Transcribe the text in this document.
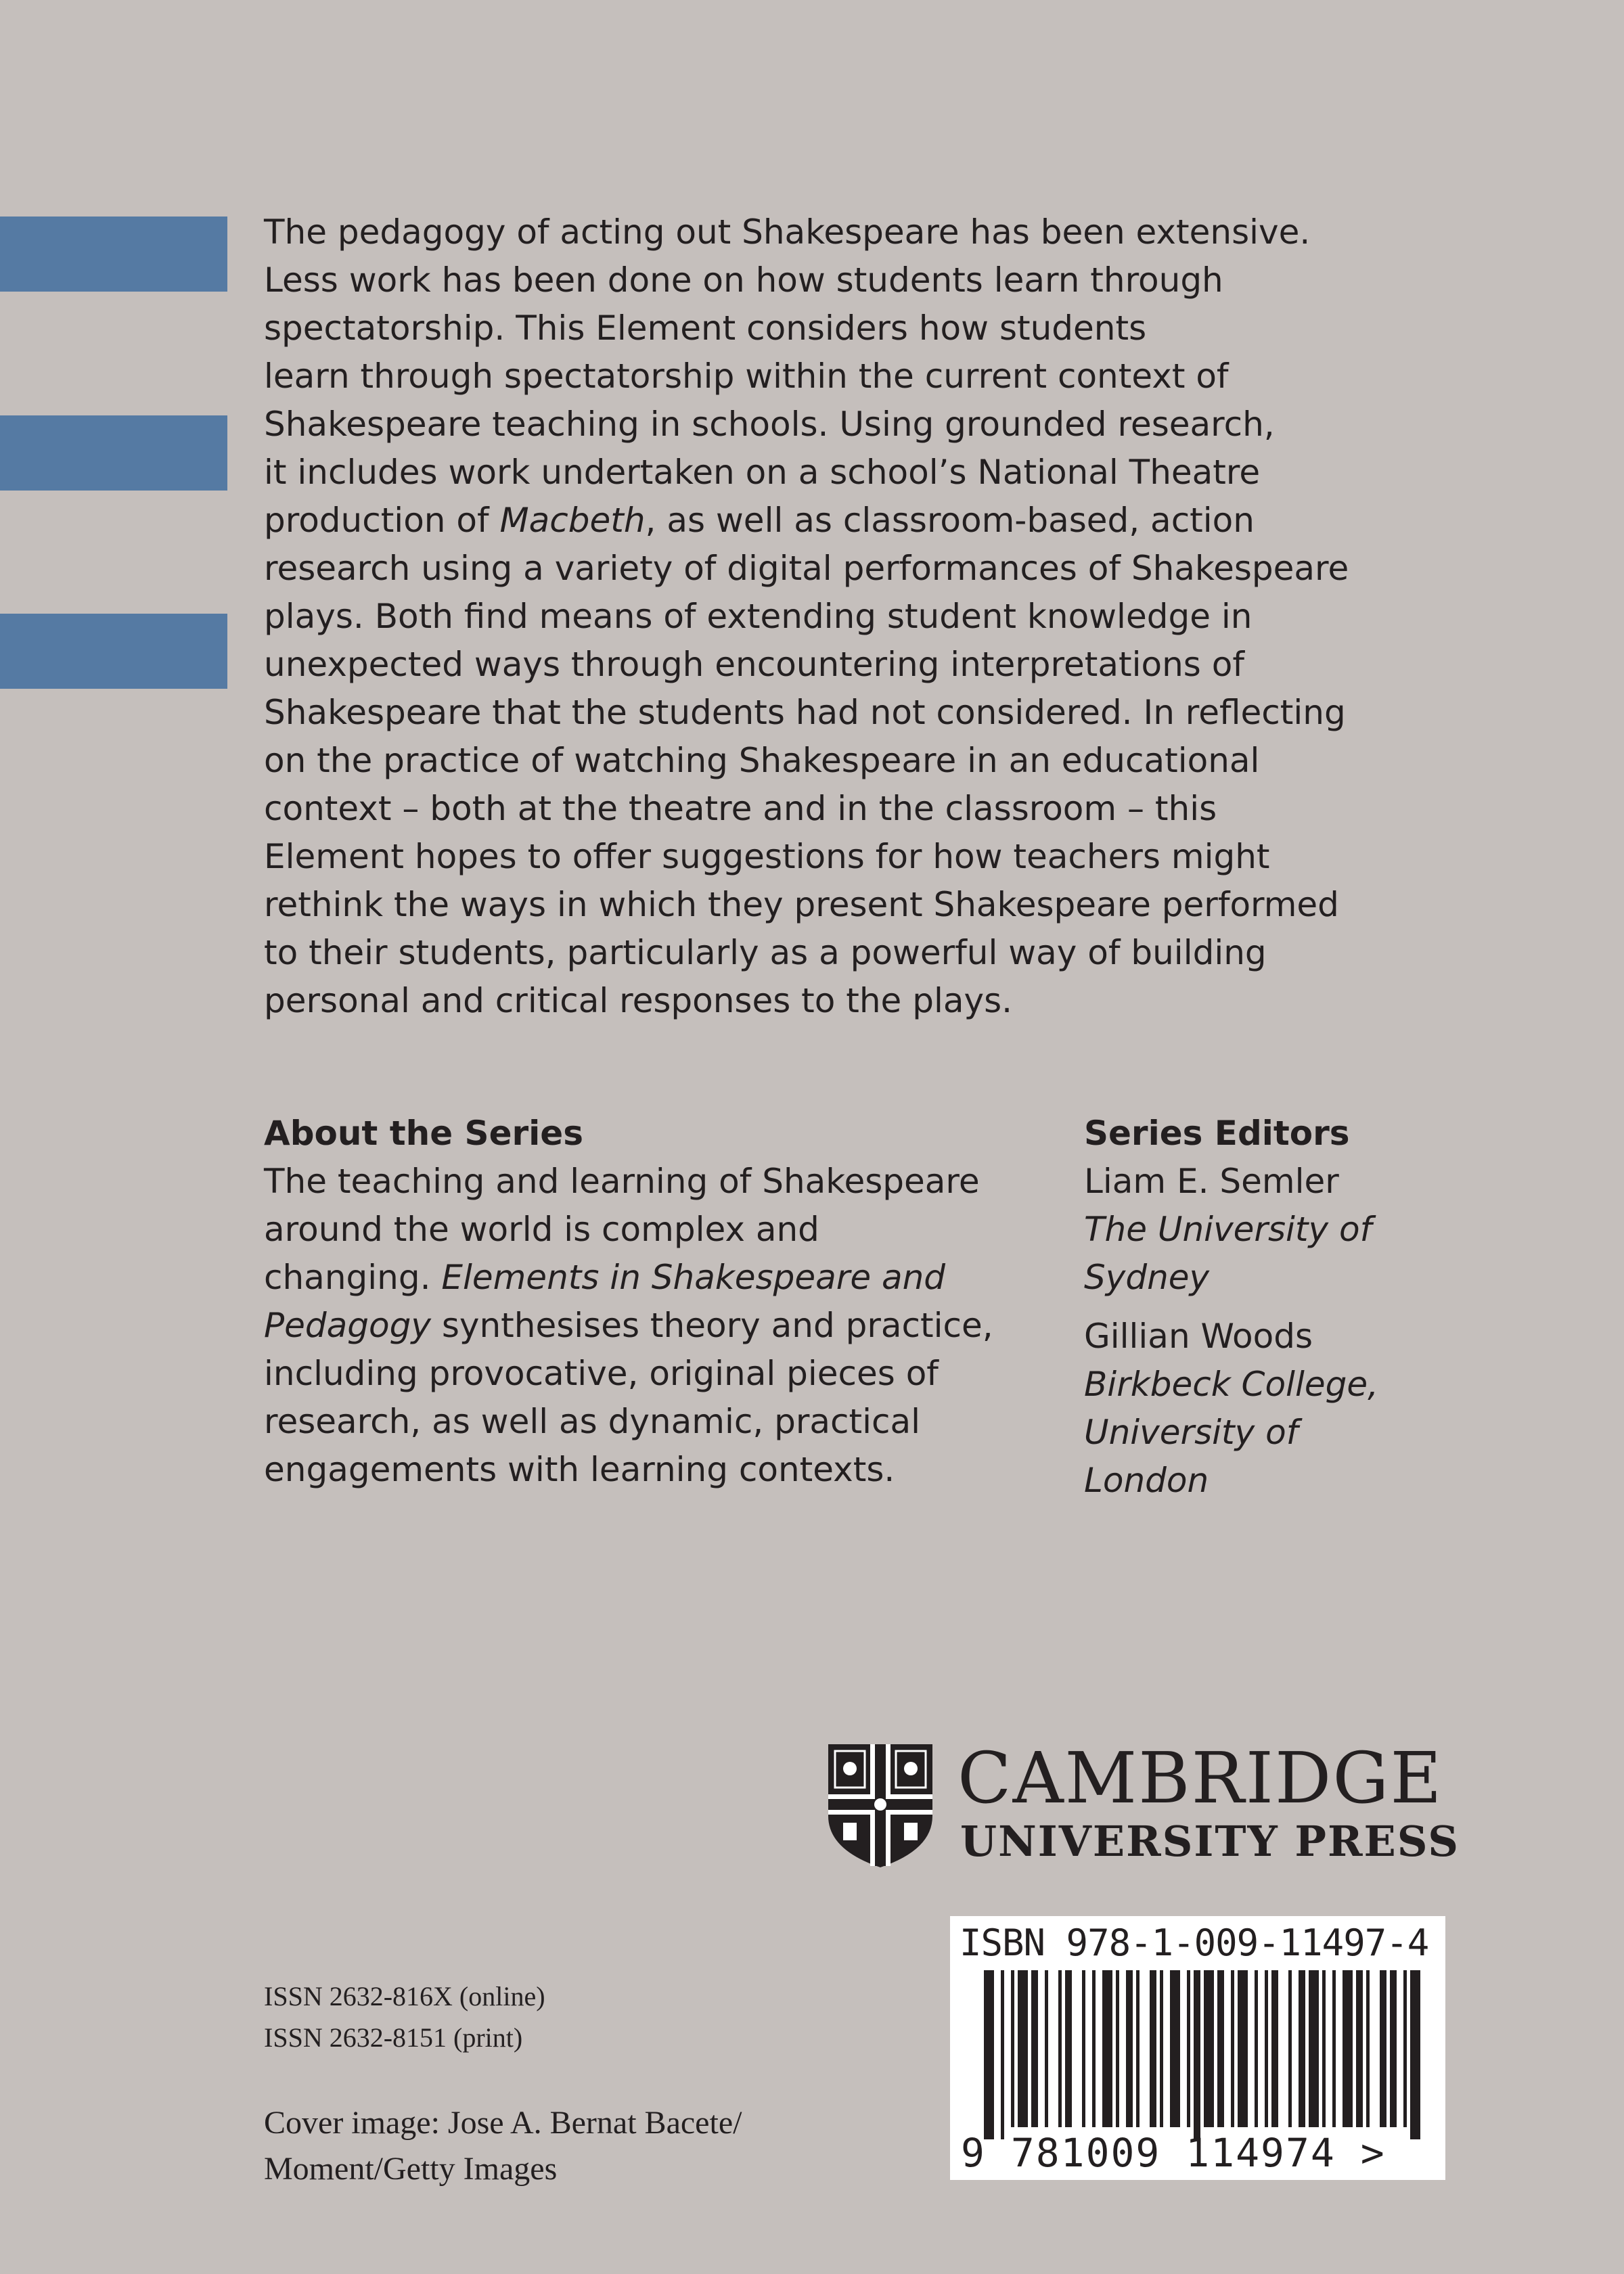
The pedagogy of acting out Shakespeare has been extensive.
Less work has been done on how students learn through
spectatorship. This Element considers how students
learn through spectatorship within the current context of
Shakespeare teaching in schools. Using grounded research,
it includes work undertaken on a school’s National Theatre
production of Macbeth, as well as classroom-based, action
research using a variety of digital performances of Shakespeare
plays. Both find means of extending student knowledge in
unexpected ways through encountering interpretations of
Shakespeare that the students had not considered. In reflecting
on the practice of watching Shakespeare in an educational
context – both at the theatre and in the classroom – this
Element hopes to offer suggestions for how teachers might
rethink the ways in which they present Shakespeare performed
to their students, particularly as a powerful way of building
personal and critical responses to the plays.
About the Series
The teaching and learning of Shakespeare
around the world is complex and
changing. Elements in Shakespeare and
Pedagogy synthesises theory and practice,
including provocative, original pieces of
research, as well as dynamic, practical
engagements with learning contexts.
Series Editors
Liam E. Semler
The University of
Sydney
Gillian Woods
Birkbeck College,
University of
London
CAMBRIDGE
UNIVERSITY PRESS
ISBN 978-1-009-11497-4
9 781009 114974 >
ISSN 2632-816X (online)
ISSN 2632-8151 (print)
Cover image: Jose A. Bernat Bacete/
Moment/Getty Images
